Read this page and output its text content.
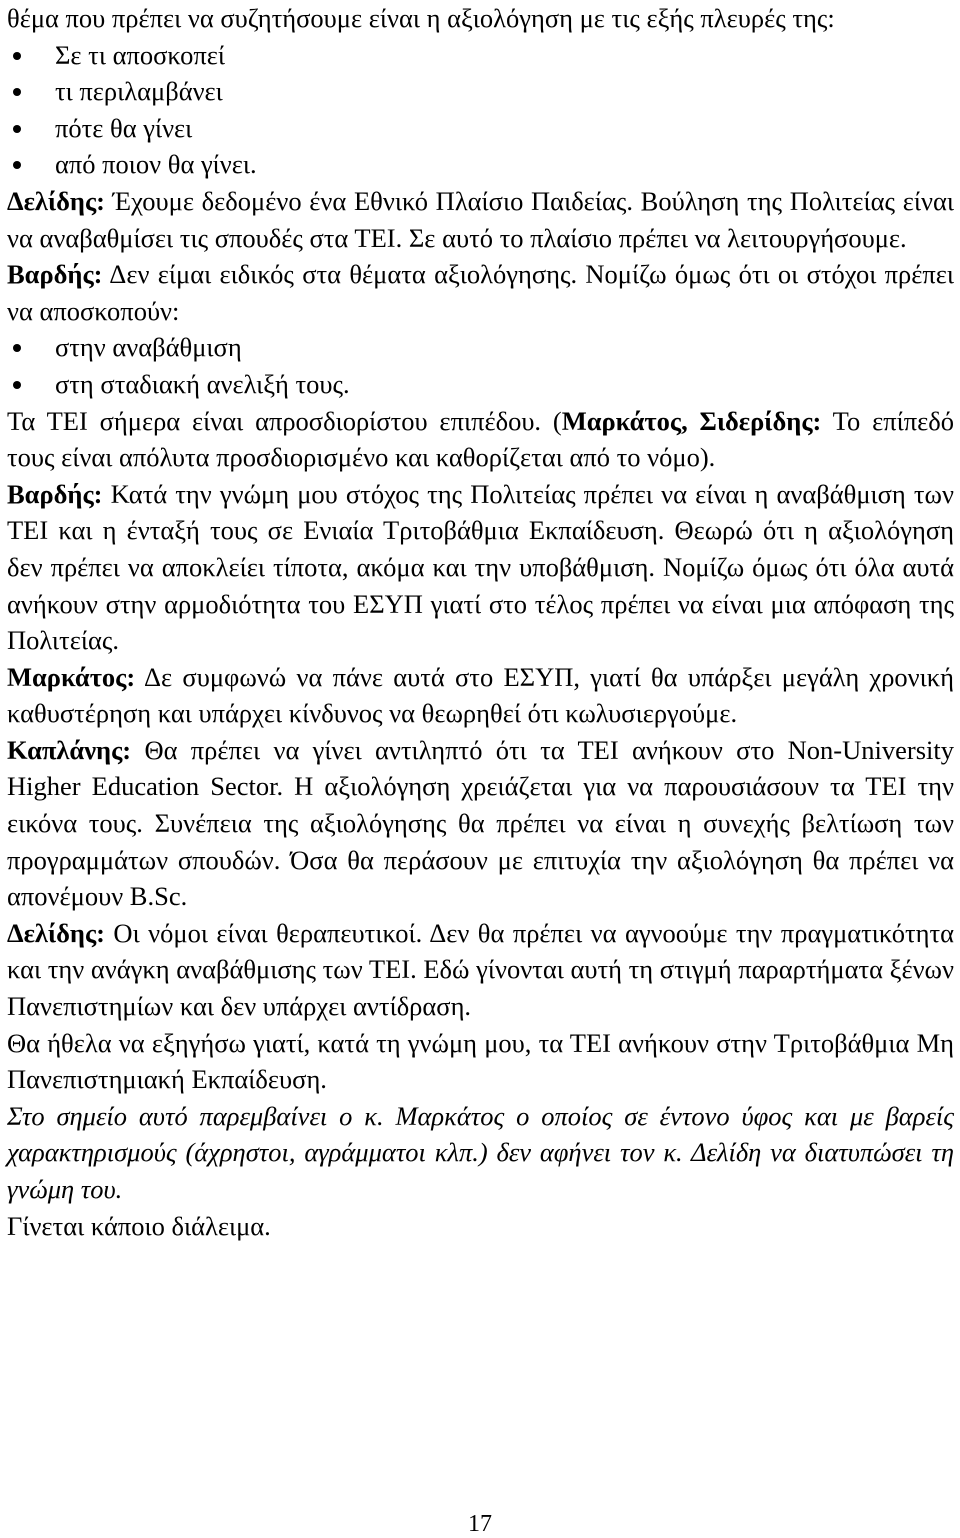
θέμα που πρέπει να συζητήσουμε είναι η αξιολόγηση με τις εξής πλευρές της:

Σε τι αποσκοπεί
τι περιλαμβάνει
πότε θα γίνει
από ποιον θα γίνει.

Δελίδης: Έχουμε δεδομένο ένα Εθνικό Πλαίσιο Παιδείας. Βούληση της Πολιτείας είναι να αναβαθμίσει τις σπουδές στα ΤΕΙ. Σε αυτό το πλαίσιο πρέπει να λειτουργήσουμε.

Βαρδής: Δεν είμαι ειδικός στα θέματα αξιολόγησης. Νομίζω όμως ότι οι στόχοι πρέπει να αποσκοπούν:

στην αναβάθμιση
στη σταδιακή ανελιξή τους.

Τα ΤΕΙ σήμερα είναι απροσδιορίστου επιπέδου. (Μαρκάτος, Σιδερίδης: Το επίπεδό τους είναι απόλυτα προσδιορισμένο και καθορίζεται από το νόμο).

Βαρδής: Κατά την γνώμη μου στόχος της Πολιτείας πρέπει να είναι η αναβάθμιση των ΤΕΙ και η ένταξή τους σε Ενιαία Τριτοβάθμια Εκπαίδευση. Θεωρώ ότι η αξιολόγηση δεν πρέπει να αποκλείει τίποτα, ακόμα και την υποβάθμιση. Νομίζω όμως ότι όλα αυτά ανήκουν στην αρμοδιότητα του ΕΣΥΠ γιατί στο τέλος πρέπει να είναι μια απόφαση της Πολιτείας.

Μαρκάτος: Δε συμφωνώ να πάνε αυτά στο ΕΣΥΠ, γιατί θα υπάρξει μεγάλη χρονική καθυστέρηση και υπάρχει κίνδυνος να θεωρηθεί ότι κωλυσιεργούμε.

Καπλάνης: Θα πρέπει να γίνει αντιληπτό ότι τα ΤΕΙ ανήκουν στο Non-University Higher Education Sector. Η αξιολόγηση χρειάζεται για να παρουσιάσουν τα ΤΕΙ την εικόνα τους. Συνέπεια της αξιολόγησης θα πρέπει να είναι η συνεχής βελτίωση των προγραμμάτων σπουδών. Όσα θα περάσουν με επιτυχία την αξιολόγηση θα πρέπει να απονέμουν B.Sc.

Δελίδης: Οι νόμοι είναι θεραπευτικοί. Δεν θα πρέπει να αγνοούμε την πραγματικότητα και την ανάγκη αναβάθμισης των ΤΕΙ. Εδώ γίνονται αυτή τη στιγμή παραρτήματα ξένων Πανεπιστημίων και δεν υπάρχει αντίδραση.

Θα ήθελα να εξηγήσω γιατί, κατά τη γνώμη μου, τα ΤΕΙ ανήκουν στην Τριτοβάθμια Μη Πανεπιστημιακή Εκπαίδευση.

Στο σημείο αυτό παρεμβαίνει ο κ. Μαρκάτος ο οποίος σε έντονο ύφος και με βαρείς χαρακτηρισμούς (άχρηστοι, αγράμματοι κλπ.) δεν αφήνει τον κ. Δελίδη να διατυπώσει τη γνώμη του.

Γίνεται κάποιο διάλειμα.

17
